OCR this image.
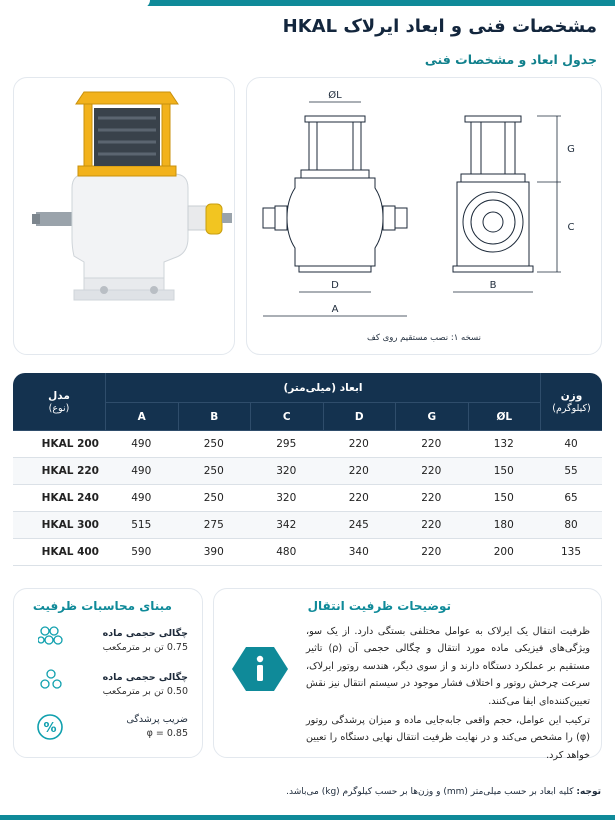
مشخصات فنی و ابعاد ایرلاک HKAL
جدول ابعاد و مشخصات فنی
ØL
G
C
D
A
B
نسخه ۱: نصب مستقیم روی کف
وزن
(کیلوگرم)	ابعاد (میلی‌متر)						مدل
(نوع)
	ØL	G	D	C	B	A	
40	132	220	220	295	250	490	HKAL 200
55	150	220	220	320	250	490	HKAL 220
65	150	220	220	320	250	490	HKAL 240
80	180	220	245	342	275	515	HKAL 300
135	200	220	340	480	390	590	HKAL 400
مبنای محاسبات ظرفیت
چگالی حجمی ماده
0.75 تن بر مترمکعب
چگالی حجمی ماده
0.50 تن بر مترمکعب
%
ضریب پرشدگی
φ = 0.85
توضیحات ظرفیت انتقال

ظرفیت انتقال یک ایرلاک به عوامل مختلفی بستگی دارد. از یک سو، ویژگی‌های فیزیکی ماده مورد انتقال و چگالی حجمی آن (ρ) تاثیر مستقیم بر عملکرد دستگاه دارند و از سوی دیگر، هندسه روتور ایرلاک، سرعت چرخش روتور و اختلاف فشار موجود در سیستم انتقال نیز نقش تعیین‌کننده‌ای ایفا می‌کنند.

ترکیب این عوامل، حجم واقعی جابه‌جایی ماده و میزان پرشدگی روتور (φ) را مشخص می‌کند و در نهایت ظرفیت انتقال نهایی دستگاه را تعیین خواهد کرد.

توجه: کلیه ابعاد بر حسب میلی‌متر (mm) و وزن‌ها بر حسب کیلوگرم (kg) می‌باشد.
